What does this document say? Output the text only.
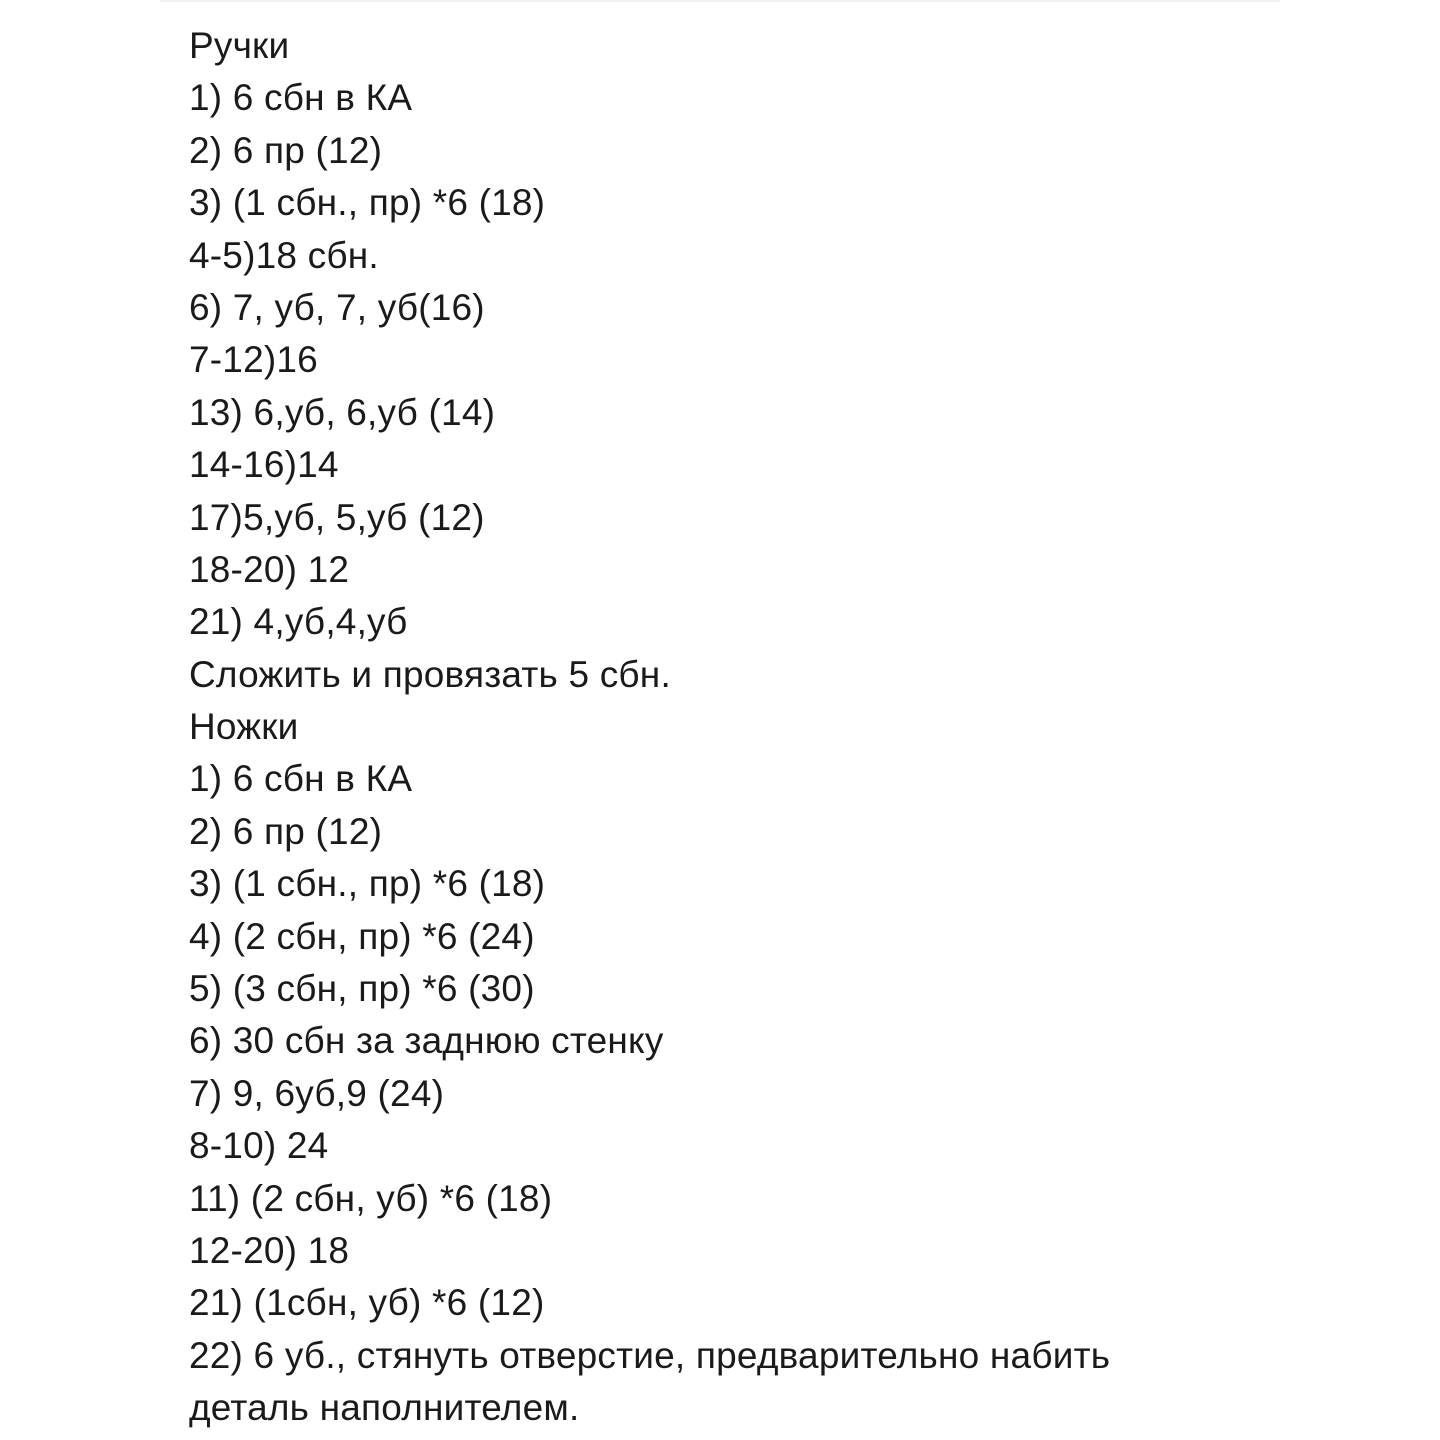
Ручки
1) 6 сбн в КА
2) 6 пр (12)
3) (1 сбн., пр) *6 (18)
4-5)18 сбн.
6) 7, уб, 7, уб(16)
7-12)16
13) 6,уб, 6,уб (14)
14-16)14
17)5,уб, 5,уб (12)
18-20) 12
21) 4,уб,4,уб
Сложить и провязать 5 сбн.
Ножки
1) 6 сбн в КА
2) 6 пр (12)
3) (1 сбн., пр) *6 (18)
4) (2 сбн, пр) *6 (24)
5) (3 сбн, пр) *6 (30)
6) 30 сбн за заднюю стенку
7) 9, 6уб,9 (24)
8-10) 24
11) (2 сбн, уб) *6 (18)
12-20) 18
21) (1сбн, уб) *6 (12)
22) 6 уб., стянуть отверстие, предварительно набить
деталь наполнителем.
